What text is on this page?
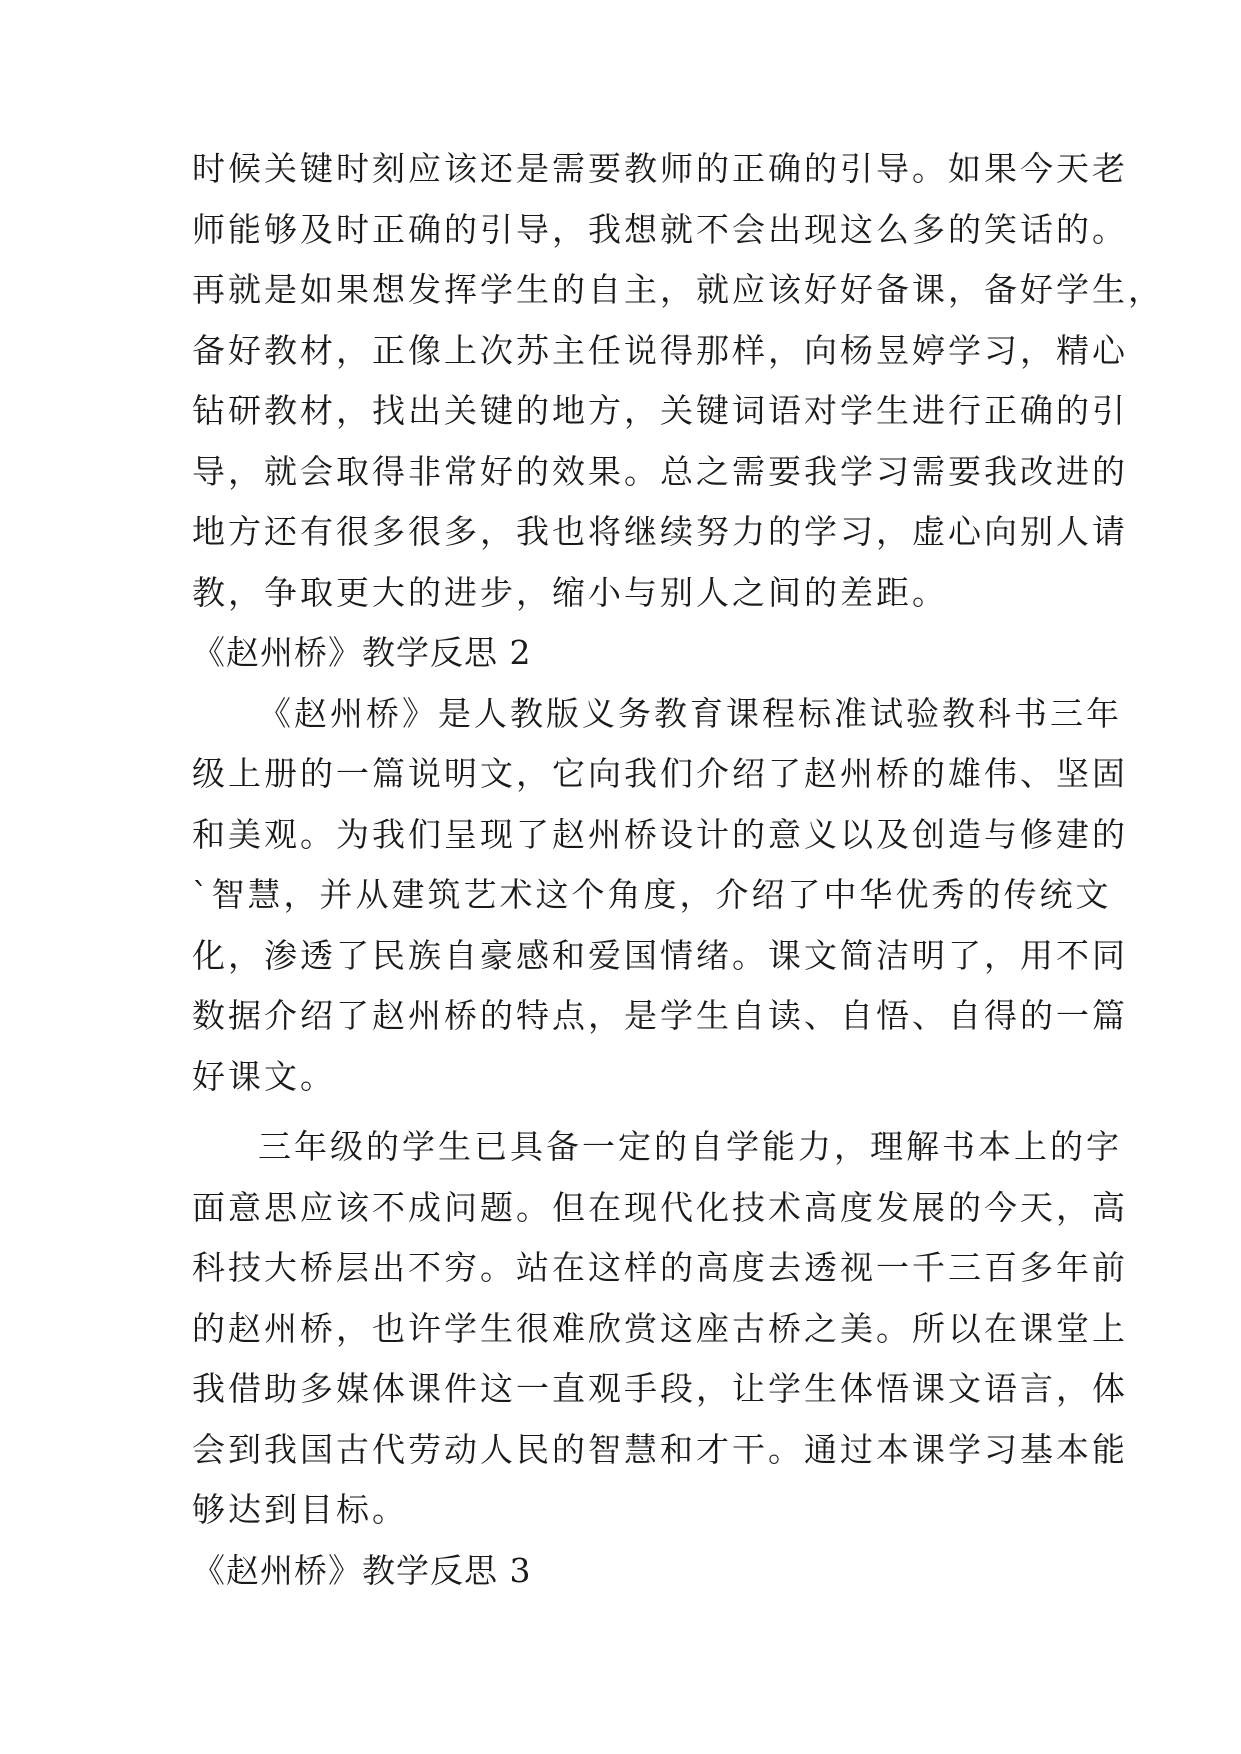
时候关键时刻应该还是需要教师的正确的引导。如果今天老
师能够及时正确的引导，我想就不会出现这么多的笑话的。
再就是如果想发挥学生的自主，就应该好好备课，备好学生，
备好教材，正像上次苏主任说得那样，向杨昱婷学习，精心
钻研教材，找出关键的地方，关键词语对学生进行正确的引
导，就会取得非常好的效果。总之需要我学习需要我改进的
地方还有很多很多，我也将继续努力的学习，虚心向别人请
教，争取更大的进步，缩小与别人之间的差距。
《赵州桥》教学反思 2
《赵州桥》是人教版义务教育课程标准试验教科书三年
级上册的一篇说明文，它向我们介绍了赵州桥的雄伟、坚固
和美观。为我们呈现了赵州桥设计的意义以及创造与修建的
`智慧，并从建筑艺术这个角度，介绍了中华优秀的传统文
化，渗透了民族自豪感和爱国情绪。课文简洁明了，用不同
数据介绍了赵州桥的特点，是学生自读、自悟、自得的一篇
好课文。
三年级的学生已具备一定的自学能力，理解书本上的字
面意思应该不成问题。但在现代化技术高度发展的今天，高
科技大桥层出不穷。站在这样的高度去透视一千三百多年前
的赵州桥，也许学生很难欣赏这座古桥之美。所以在课堂上
我借助多媒体课件这一直观手段，让学生体悟课文语言，体
会到我国古代劳动人民的智慧和才干。通过本课学习基本能
够达到目标。
《赵州桥》教学反思 3
